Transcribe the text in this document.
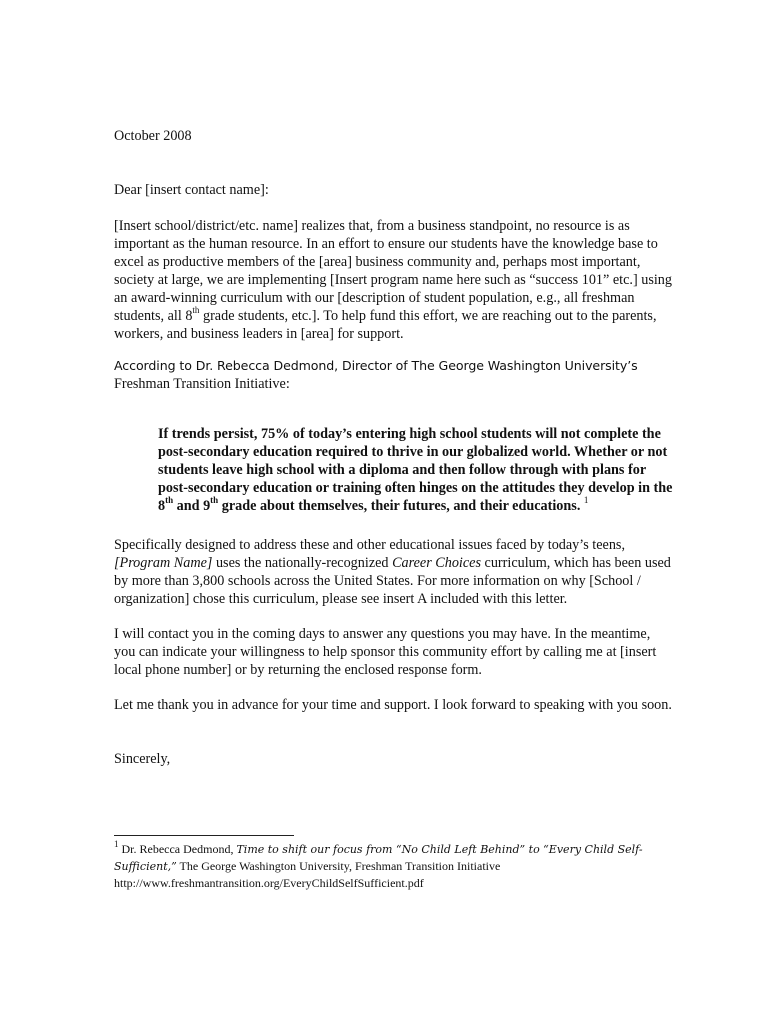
October 2008

Dear [insert contact name]:

[Insert school/district/etc. name] realizes that, from a business standpoint, no resource is as important as the human resource. In an effort to ensure our students have the knowledge base to excel as productive members of the [area] business community and, perhaps most important, society at large, we are implementing [Insert program name here such as “success 101” etc.] using an award-winning curriculum with our [description of student population, e.g., all freshman students, all 8th grade students, etc.]. To help fund this effort, we are reaching out to the parents, workers, and business leaders in [area] for support.

According to Dr. Rebecca Dedmond, Director of The George Washington University’s
Freshman Transition Initiative:

If trends persist, 75% of today’s entering high school students will not complete the post-secondary education required to thrive in our globalized world. Whether or not students leave high school with a diploma and then follow through with plans for post-secondary education or training often hinges on the attitudes they develop in the 8th and 9th grade about themselves, their futures, and their educations. $^1$

Specifically designed to address these and other educational issues faced by today’s teens,
[Program Name] uses the nationally-recognized Career Choices curriculum, which has been used by more than 3,800 schools across the United States. For more information on why [School / organization] chose this curriculum, please see insert A included with this letter.

I will contact you in the coming days to answer any questions you may have. In the meantime, you can indicate your willingness to help sponsor this community effort by calling me at [insert local phone number] or by returning the enclosed response form.

Let me thank you in advance for your time and support. I look forward to speaking with you soon.

Sincerely,

$^1$ Dr. Rebecca Dedmond, Time to shift our focus from “No Child Left Behind” to “Every Child Self-Sufficient,” The George Washington University, Freshman Transition Initiative
http://www.freshmantransition.org/EveryChildSelfSufficient.pdf
